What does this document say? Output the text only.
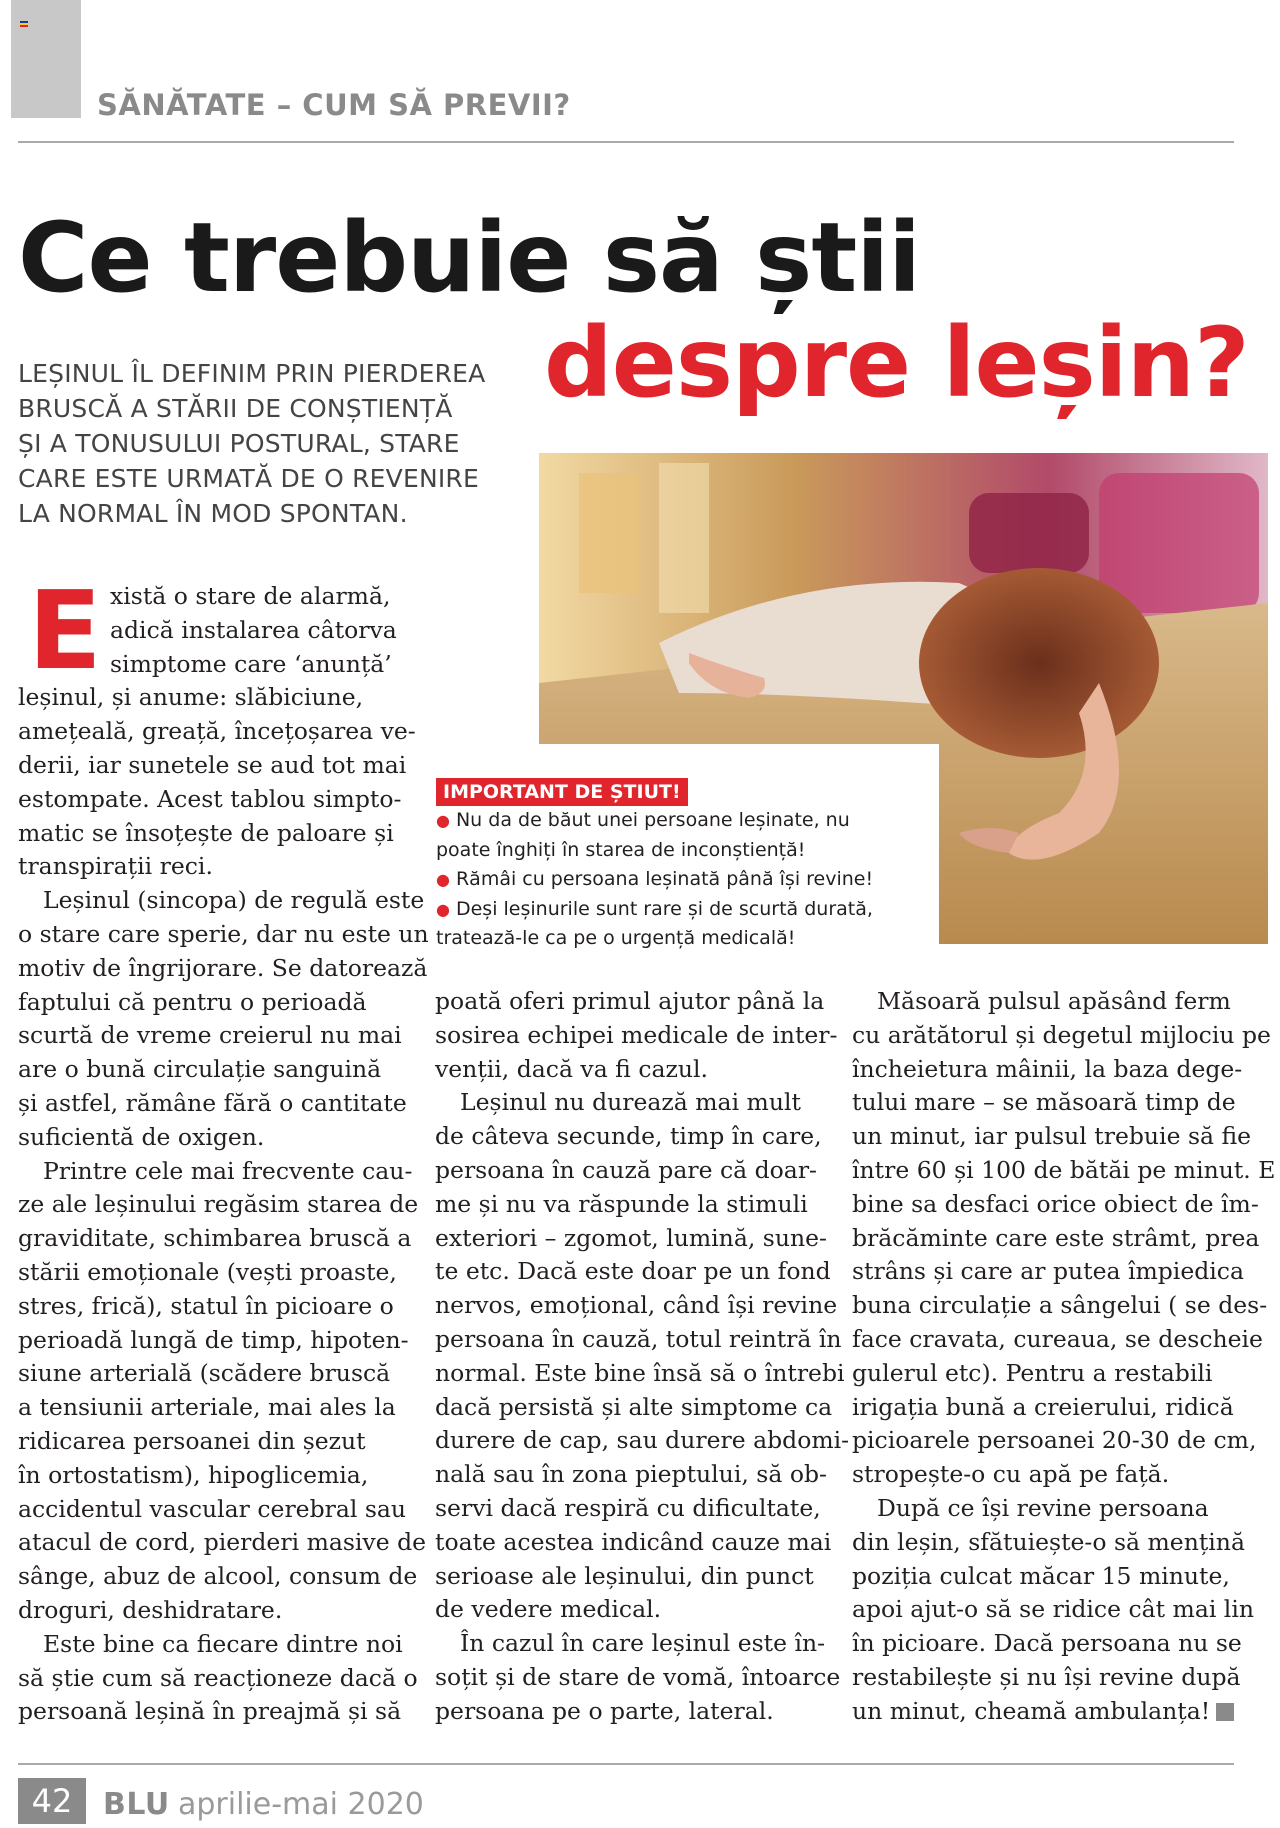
SĂNĂTATE – CUM SĂ PREVII?
Ce trebuie să știi
despre leșin?
LEȘINUL ÎL DEFINIM PRIN PIERDEREA
BRUSCĂ A STĂRII DE CONȘTIENȚĂ
ȘI A TONUSULUI POSTURAL, STARE
CARE ESTE URMATĂ DE O REVENIRE
LA NORMAL ÎN MOD SPONTAN.
IMPORTANT DE ȘTIUT!
● Nu da de băut unei persoane leșinate, nu
poate înghiți în starea de inconștiență!
● Rămâi cu persoana leșinată până își revine!
● Deși leșinurile sunt rare și de scurtă durată,
tratează-le ca pe o urgență medicală!
E xistă o stare de alarmă,
adică instalarea câtorva
simptome care ‘anunță’
leșinul, și anume: slăbiciune,
amețeală, greață, încețoșarea ve-
derii, iar sunetele se aud tot mai
estompate. Acest tablou simpto-
matic se însoțește de paloare și
transpirații reci.
Leșinul (sincopa) de regulă este
o stare care sperie, dar nu este un
motiv de îngrijorare. Se datorează
faptului că pentru o perioadă
scurtă de vreme creierul nu mai
are o bună circulație sanguină
și astfel, rămâne fără o cantitate
suficientă de oxigen.
Printre cele mai frecvente cau-
ze ale leșinului regăsim starea de
graviditate, schimbarea bruscă a
stării emoționale (vești proaste,
stres, frică), statul în picioare o
perioadă lungă de timp, hipoten-
siune arterială (scădere bruscă
a tensiunii arteriale, mai ales la
ridicarea persoanei din șezut
în ortostatism), hipoglicemia,
accidentul vascular cerebral sau
atacul de cord, pierderi masive de
sânge, abuz de alcool, consum de
droguri, deshidratare.
Este bine ca fiecare dintre noi
să știe cum să reacționeze dacă o
persoană leșină în preajmă și să
poată oferi primul ajutor până la
sosirea echipei medicale de inter-
venții, dacă va fi cazul.
Leșinul nu durează mai mult
de câteva secunde, timp în care,
persoana în cauză pare că doar-
me și nu va răspunde la stimuli
exteriori – zgomot, lumină, sune-
te etc. Dacă este doar pe un fond
nervos, emoțional, când își revine
persoana în cauză, totul reintră în
normal. Este bine însă să o întrebi
dacă persistă și alte simptome ca
durere de cap, sau durere abdomi-
nală sau în zona pieptului, să ob-
servi dacă respiră cu dificultate,
toate acestea indicând cauze mai
serioase ale leșinului, din punct
de vedere medical.
În cazul în care leșinul este în-
soțit și de stare de vomă, întoarce
persoana pe o parte, lateral.
Măsoară pulsul apăsând ferm
cu arătătorul și degetul mijlociu pe
încheietura mâinii, la baza dege-
tului mare – se măsoară timp de
un minut, iar pulsul trebuie să fie
între 60 și 100 de bătăi pe minut. E
bine sa desfaci orice obiect de îm-
brăcăminte care este strâmt, prea
strâns și care ar putea împiedica
buna circulație a sângelui ( se des-
face cravata, cureaua, se descheie
gulerul etc). Pentru a restabili
irigația bună a creierului, ridică
picioarele persoanei 20-30 de cm,
stropește-o cu apă pe față.
După ce își revine persoana
din leșin, sfătuiește-o să mențină
poziția culcat măcar 15 minute,
apoi ajut-o să se ridice cât mai lin
în picioare. Dacă persoana nu se
restabilește și nu își revine după
un minut, cheamă ambulanța!
42	BLU aprilie-mai 2020
